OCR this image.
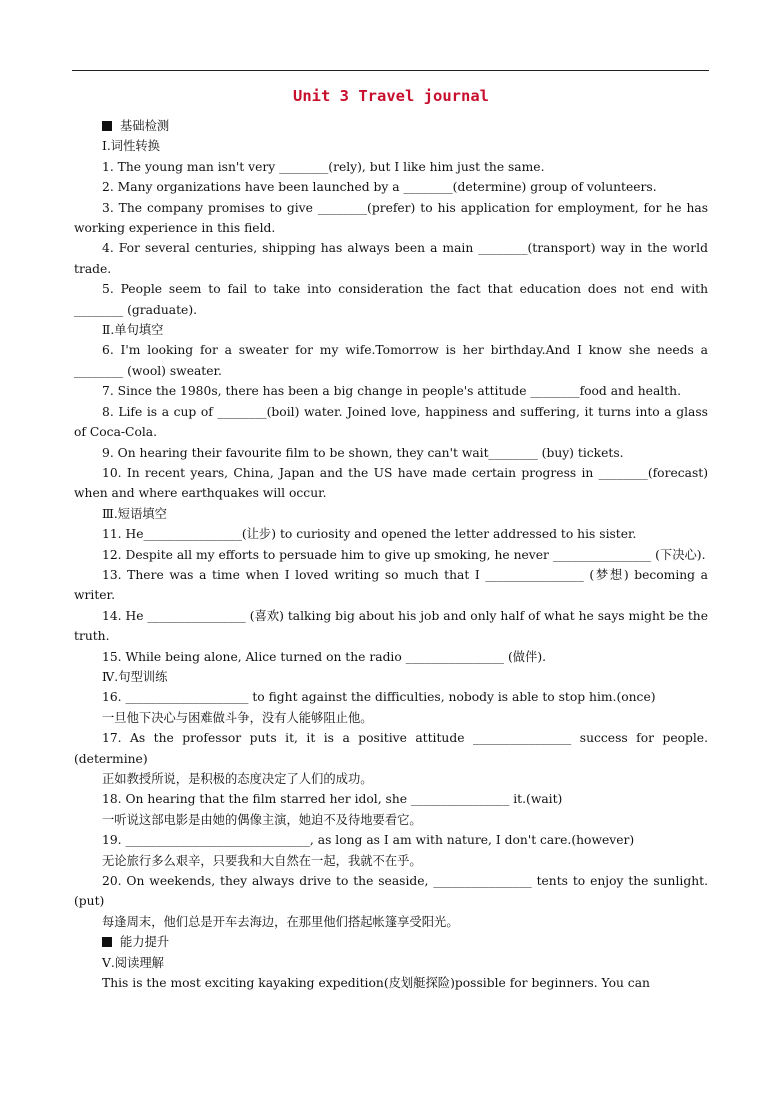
Unit 3 Travel journal
基础检测
Ⅰ.词性转换
1. The young man isn't very ________(rely), but I like him just the same.
2. Many organizations have been launched by a ________(determine) group of volunteers.
3. The company promises to give ________(prefer) to his application for employment, for he has working experience in this field.
4. For several centuries, shipping has always been a main ________(transport) way in the world trade.
5. People seem to fail to take into consideration the fact that education does not end with ________ (graduate).
Ⅱ.单句填空
6. I'm looking for a sweater for my wife.Tomorrow is her birthday.And I know she needs a ________ (wool) sweater.
7. Since the 1980s, there has been a big change in people's attitude ________food and health.
8. Life is a cup of ________(boil) water. Joined love, happiness and suffering, it turns into a glass of Coca-Cola.
9. On hearing their favourite film to be shown, they can't wait________ (buy) tickets.
10. In recent years, China, Japan and the US have made certain progress in ________(forecast) when and where earthquakes will occur.
Ⅲ.短语填空
11. He________________(让步) to curiosity and opened the letter addressed to his sister.
12. Despite all my efforts to persuade him to give up smoking, he never ________________ (下决心).
13. There was a time when I loved writing so much that I ________________ (梦想) becoming a writer.
14. He ________________ (喜欢) talking big about his job and only half of what he says might be the truth.
15. While being alone, Alice turned on the radio ________________ (做伴).
Ⅳ.句型训练
16. ____________________ to fight against the difficulties, nobody is able to stop him.(once)
一旦他下决心与困难做斗争，没有人能够阻止他。
17. As the professor puts it, it is a positive attitude ________________ success for people.(determine)
正如教授所说，是积极的态度决定了人们的成功。
18. On hearing that the film starred her idol, she ________________ it.(wait)
一听说这部电影是由她的偶像主演，她迫不及待地要看它。
19. ______________________________, as long as I am with nature, I don't care.(however)
无论旅行多么艰辛，只要我和大自然在一起，我就不在乎。
20. On weekends, they always drive to the seaside, ________________ tents to enjoy the sunlight.(put)
每逢周末，他们总是开车去海边，在那里他们搭起帐篷享受阳光。
能力提升
Ⅴ.阅读理解
This is the most exciting kayaking expedition(皮划艇探险)possible for beginners. You can
